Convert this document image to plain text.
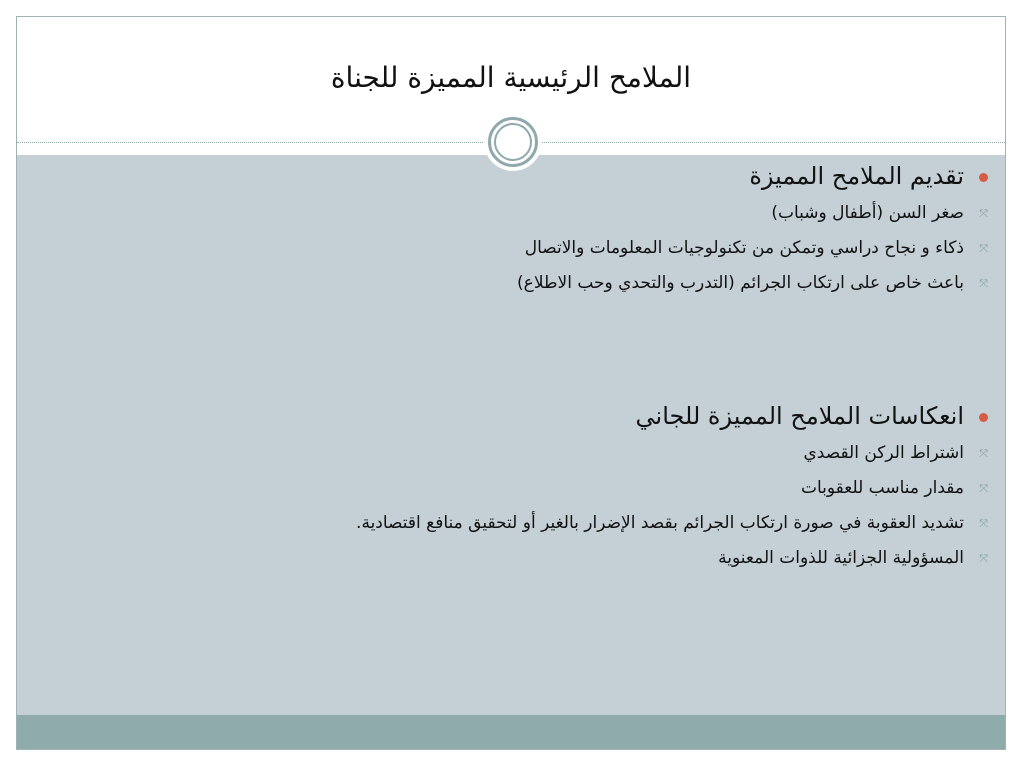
الملامح الرئيسية المميزة للجناة
تقديم الملامح المميزة
⤧
صغر السن (أطفال وشباب)
⤧
ذكاء و نجاح دراسي وتمكن من تكنولوجيات المعلومات والاتصال
⤧
باعث خاص على ارتكاب الجرائم (التدرب والتحدي وحب الاطلاع)
انعكاسات الملامح المميزة للجاني
⤧
اشتراط الركن القصدي
⤧
مقدار مناسب للعقوبات
⤧
تشديد العقوبة في صورة ارتكاب الجرائم بقصد الإضرار بالغير أو لتحقيق منافع اقتصادية.
⤧
المسؤولية الجزائية للذوات المعنوية
